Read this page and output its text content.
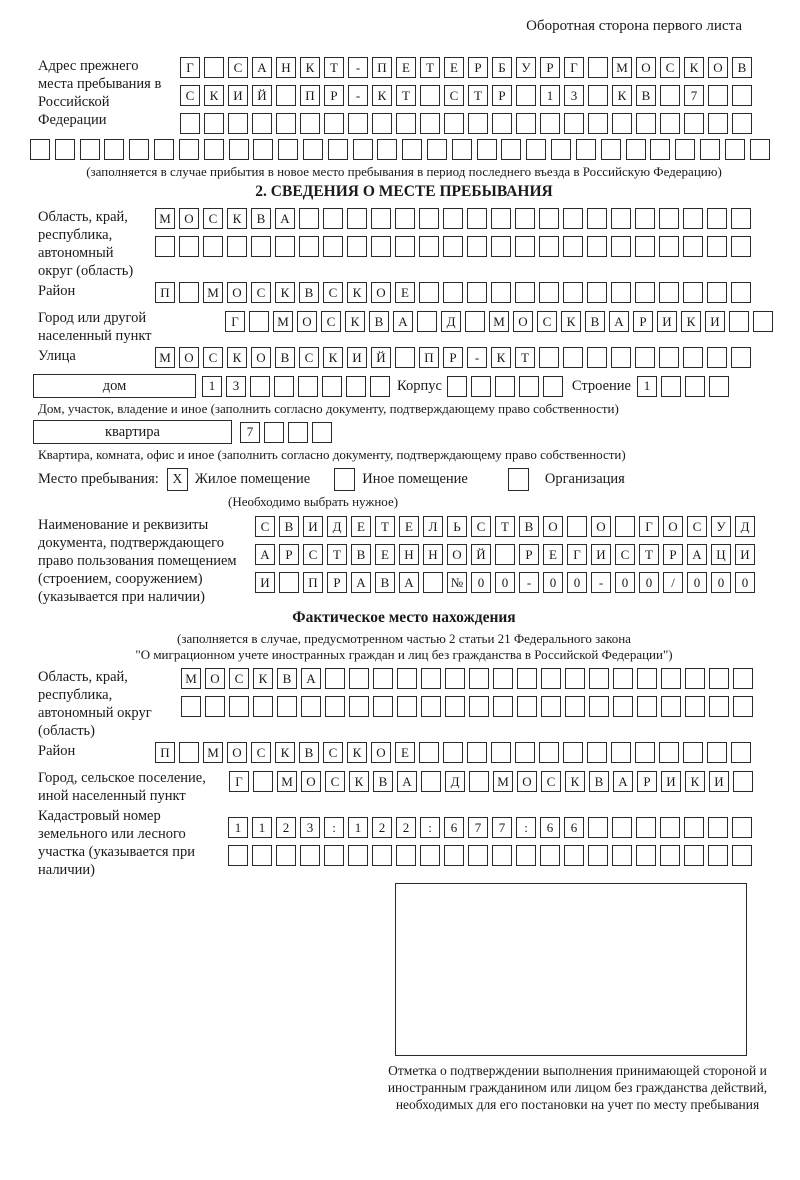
Оборотная сторона первого листа
Адрес прежнего места пребывания в Российской Федерации
Г	С	А	Н	К	Т	-	П	Е	Т	Е	Р	Б	У	Р	Г	М	О	С	К	О	В
С	К	И	Й	П	Р	-	К	Т	С	Т	Р	1	3	К	В	7
(заполняется в случае прибытия в новое место пребывания в период последнего въезда в Российскую Федерацию)
2. СВЕДЕНИЯ О МЕСТЕ ПРЕБЫВАНИЯ
Область, край, республика, автономный округ (область)
М	О	С	К	В	А
Район	П	М	О	С	К	В	С	К	О	Е
Город или другой населенный пункт
Г	М	О	С	К	В	А	Д	М	О	С	К	В	А	Р	И	К	И
Улица	М	О	С	К	О	В	С	К	И	Й	П	Р	-	К	Т
дом	1	3	Корпус	Строение 1
Дом, участок, владение и иное (заполнить согласно документу, подтверждающему право собственности)
квартира	7
Квартира, комната, офис и иное (заполнить согласно документу, подтверждающему право собственности)
Место пребывания:	X Жилое помещение	Иное помещение	Организация
(Необходимо выбрать нужное)
Наименование и реквизиты документа, подтверждающего право пользования помещением (строением, сооружением) (указывается при наличии)
С	В	И	Д	Е	Т	Е	Л	Ь	С	Т	В	О	О	Г	О	С	У	Д
А	Р	С	Т	В	Е	Н	Н	О	Й	Р	Е	Г	И	С	Т	Р	А	Ц	И
И	П	Р	А	В	А	№	0	0	-	0	0	-	0	0	/	0	0	0
Фактическое место нахождения
(заполняется в случае, предусмотренном частью 2 статьи 21 Федерального закона
"О миграционном учете иностранных граждан и лиц без гражданства в Российской Федерации")
Область, край, республика, автономный округ (область)
М	О	С	К	В	А
Район	П	М	О	С	К	В	С	К	О	Е
Город, сельское поселение, иной населенный пункт
Г	М	О	С	К	В	А	Д	М	О	С	К	В	А	Р	И	К	И
Кадастровый номер земельного или лесного участка (указывается при наличии)
1	1	2	3	:	1	2	2	:	6	7	7	:	6	6
Отметка о подтверждении выполнения принимающей стороной и иностранным гражданином или лицом без гражданства действий, необходимых для его постановки на учет по месту пребывания
